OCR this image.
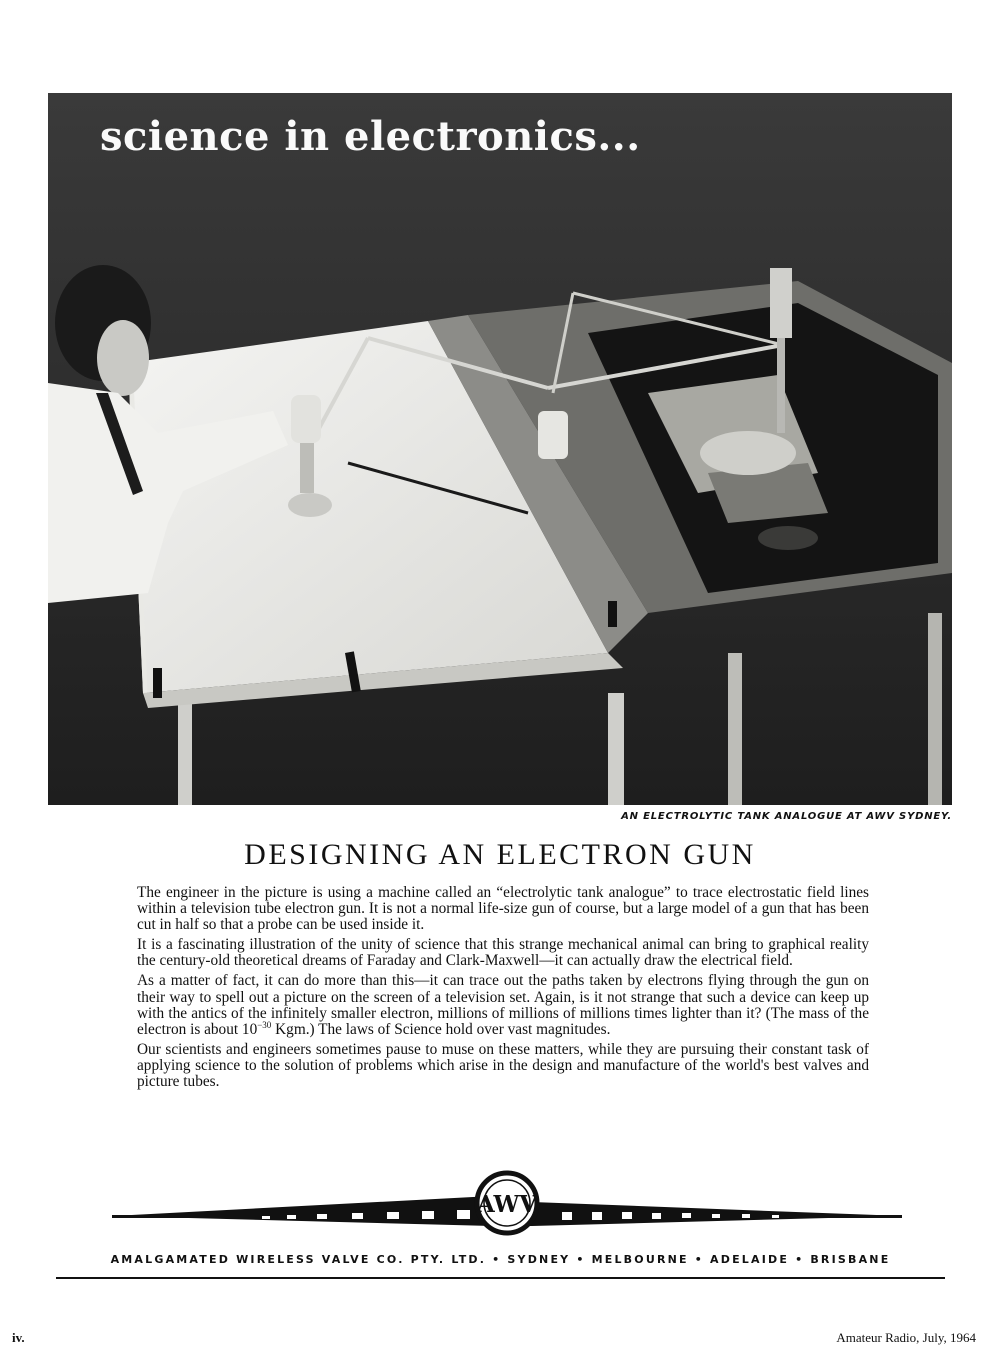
science in electronics...
AN ELECTROLYTIC TANK ANALOGUE AT AWV SYDNEY.
DESIGNING AN ELECTRON GUN

The engineer in the picture is using a machine called an “electrolytic tank analogue” to trace electrostatic field lines within a television tube electron gun. It is not a normal life-size gun of course, but a large model of a gun that has been cut in half so that a probe can be used inside it.

It is a fascinating illustration of the unity of science that this strange mechanical animal can bring to graphical reality the century-old theoretical dreams of Faraday and Clark-Maxwell—it can actually draw the electrical field.

As a matter of fact, it can do more than this—it can trace out the paths taken by electrons flying through the gun on their way to spell out a picture on the screen of a television set. Again, is it not strange that such a device can keep up with the antics of the infinitely smaller electron, millions of millions of millions times lighter than it? (The mass of the electron is about $10^{-30}$ Kgm.) The laws of Science hold over vast magnitudes.

Our scientists and engineers sometimes pause to muse on these matters, while they are pursuing their constant task of applying science to the solution of problems which arise in the design and manufacture of the world's best valves and picture tubes.

AWV
AMALGAMATED WIRELESS VALVE CO. PTY. LTD. • SYDNEY • MELBOURNE • ADELAIDE • BRISBANE
iv.	Amateur Radio, July, 1964
